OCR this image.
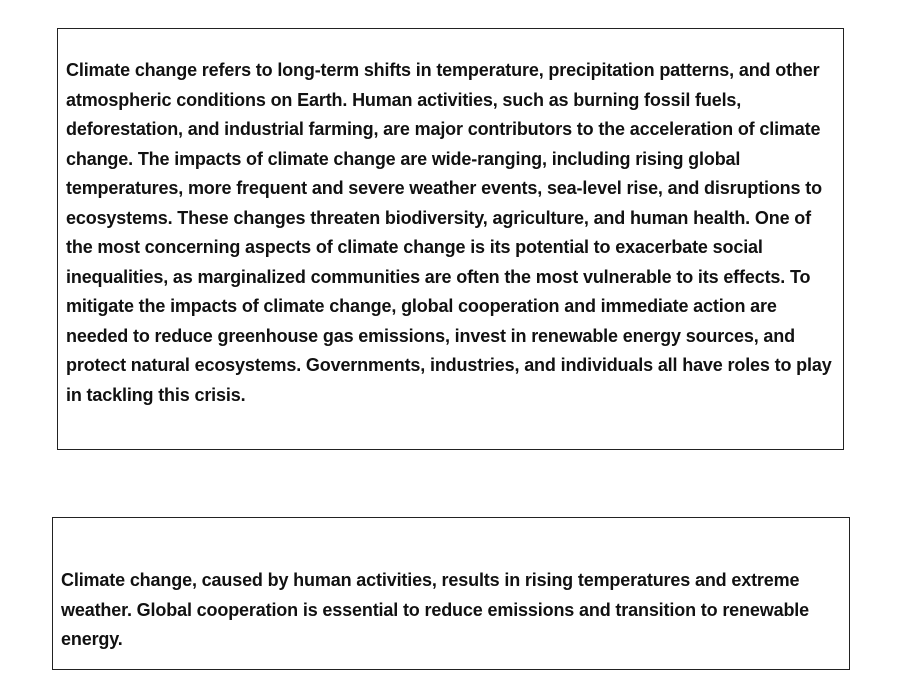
Climate change refers to long-term shifts in temperature, precipitation patterns, and other atmospheric conditions on Earth. Human activities, such as burning fossil fuels, deforestation, and industrial farming, are major contributors to the acceleration of climate change. The impacts of climate change are wide-ranging, including rising global temperatures, more frequent and severe weather events, sea-level rise, and disruptions to ecosystems. These changes threaten biodiversity, agriculture, and human health. One of the most concerning aspects of climate change is its potential to exacerbate social inequalities, as marginalized communities are often the most vulnerable to its effects. To mitigate the impacts of climate change, global cooperation and immediate action are needed to reduce greenhouse gas emissions, invest in renewable energy sources, and protect natural ecosystems. Governments, industries, and individuals all have roles to play in tackling this crisis.

Climate change, caused by human activities, results in rising temperatures and extreme weather. Global cooperation is essential to reduce emissions and transition to renewable energy.
